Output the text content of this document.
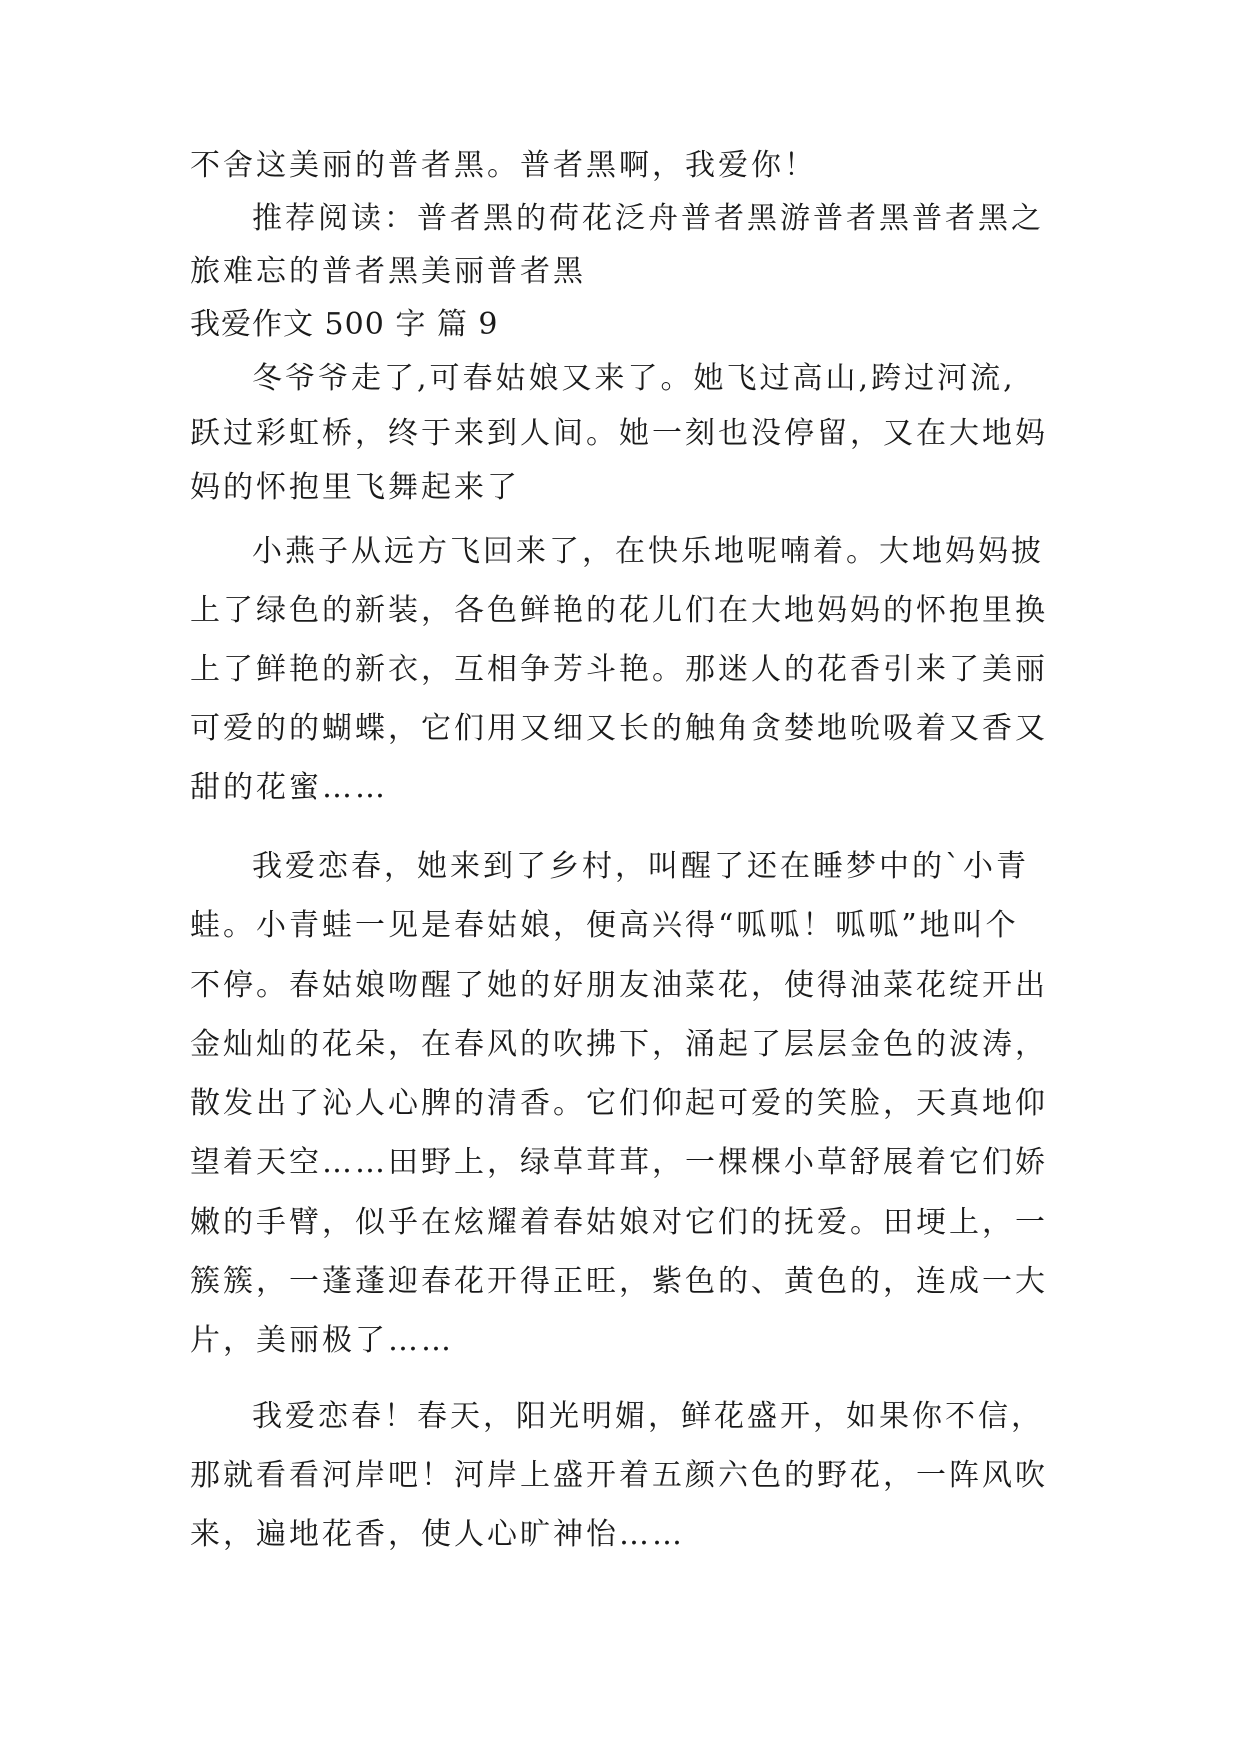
不舍这美丽的普者黑。普者黑啊，我爱你！
推荐阅读：普者黑的荷花泛舟普者黑游普者黑普者黑之
旅难忘的普者黑美丽普者黑
我爱作文 500 字 篇 9
冬爷爷走了,可春姑娘又来了。她飞过高山,跨过河流,
跃过彩虹桥，终于来到人间。她一刻也没停留，又在大地妈
妈的怀抱里飞舞起来了
小燕子从远方飞回来了，在快乐地呢喃着。大地妈妈披
上了绿色的新装，各色鲜艳的花儿们在大地妈妈的怀抱里换
上了鲜艳的新衣，互相争芳斗艳。那迷人的花香引来了美丽
可爱的的蝴蝶，它们用又细又长的触角贪婪地吮吸着又香又
甜的花蜜……
我爱恋春，她来到了乡村，叫醒了还在睡梦中的`小青
蛙。小青蛙一见是春姑娘，便高兴得“呱呱！呱呱”地叫个
不停。春姑娘吻醒了她的好朋友油菜花，使得油菜花绽开出
金灿灿的花朵，在春风的吹拂下，涌起了层层金色的波涛，
散发出了沁人心脾的清香。它们仰起可爱的笑脸，天真地仰
望着天空……田野上，绿草茸茸，一棵棵小草舒展着它们娇
嫩的手臂，似乎在炫耀着春姑娘对它们的抚爱。田埂上，一
簇簇，一蓬蓬迎春花开得正旺，紫色的、黄色的，连成一大
片，美丽极了……
我爱恋春！春天，阳光明媚，鲜花盛开，如果你不信，
那就看看河岸吧！河岸上盛开着五颜六色的野花，一阵风吹
来，遍地花香，使人心旷神怡……
